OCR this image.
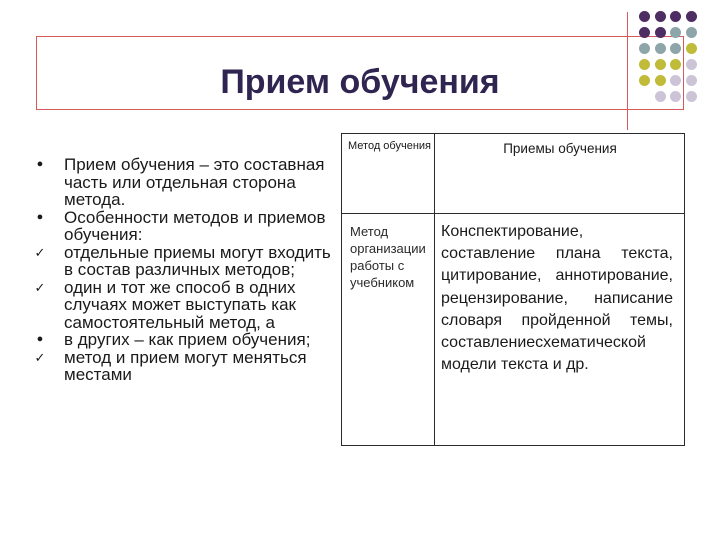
Прием обучения
● Прием обучения – это составная часть или отдельная сторона метода.
● Особенности методов и приемов обучения:
✓ отдельные приемы могут входить в состав различных методов;
✓ один и тот же способ в одних случаях может выступать как самостоятельный метод, а
● в других – как прием обучения;
✓ метод и прием могут меняться местами
Метод обучения	Приемы обучения
Метод организации работы с учебником
Конспектирование, составление плана текста, цитирование, аннотирование, рецензирование, написание словаря пройденной темы, составлениесхематической модели текста и др.
